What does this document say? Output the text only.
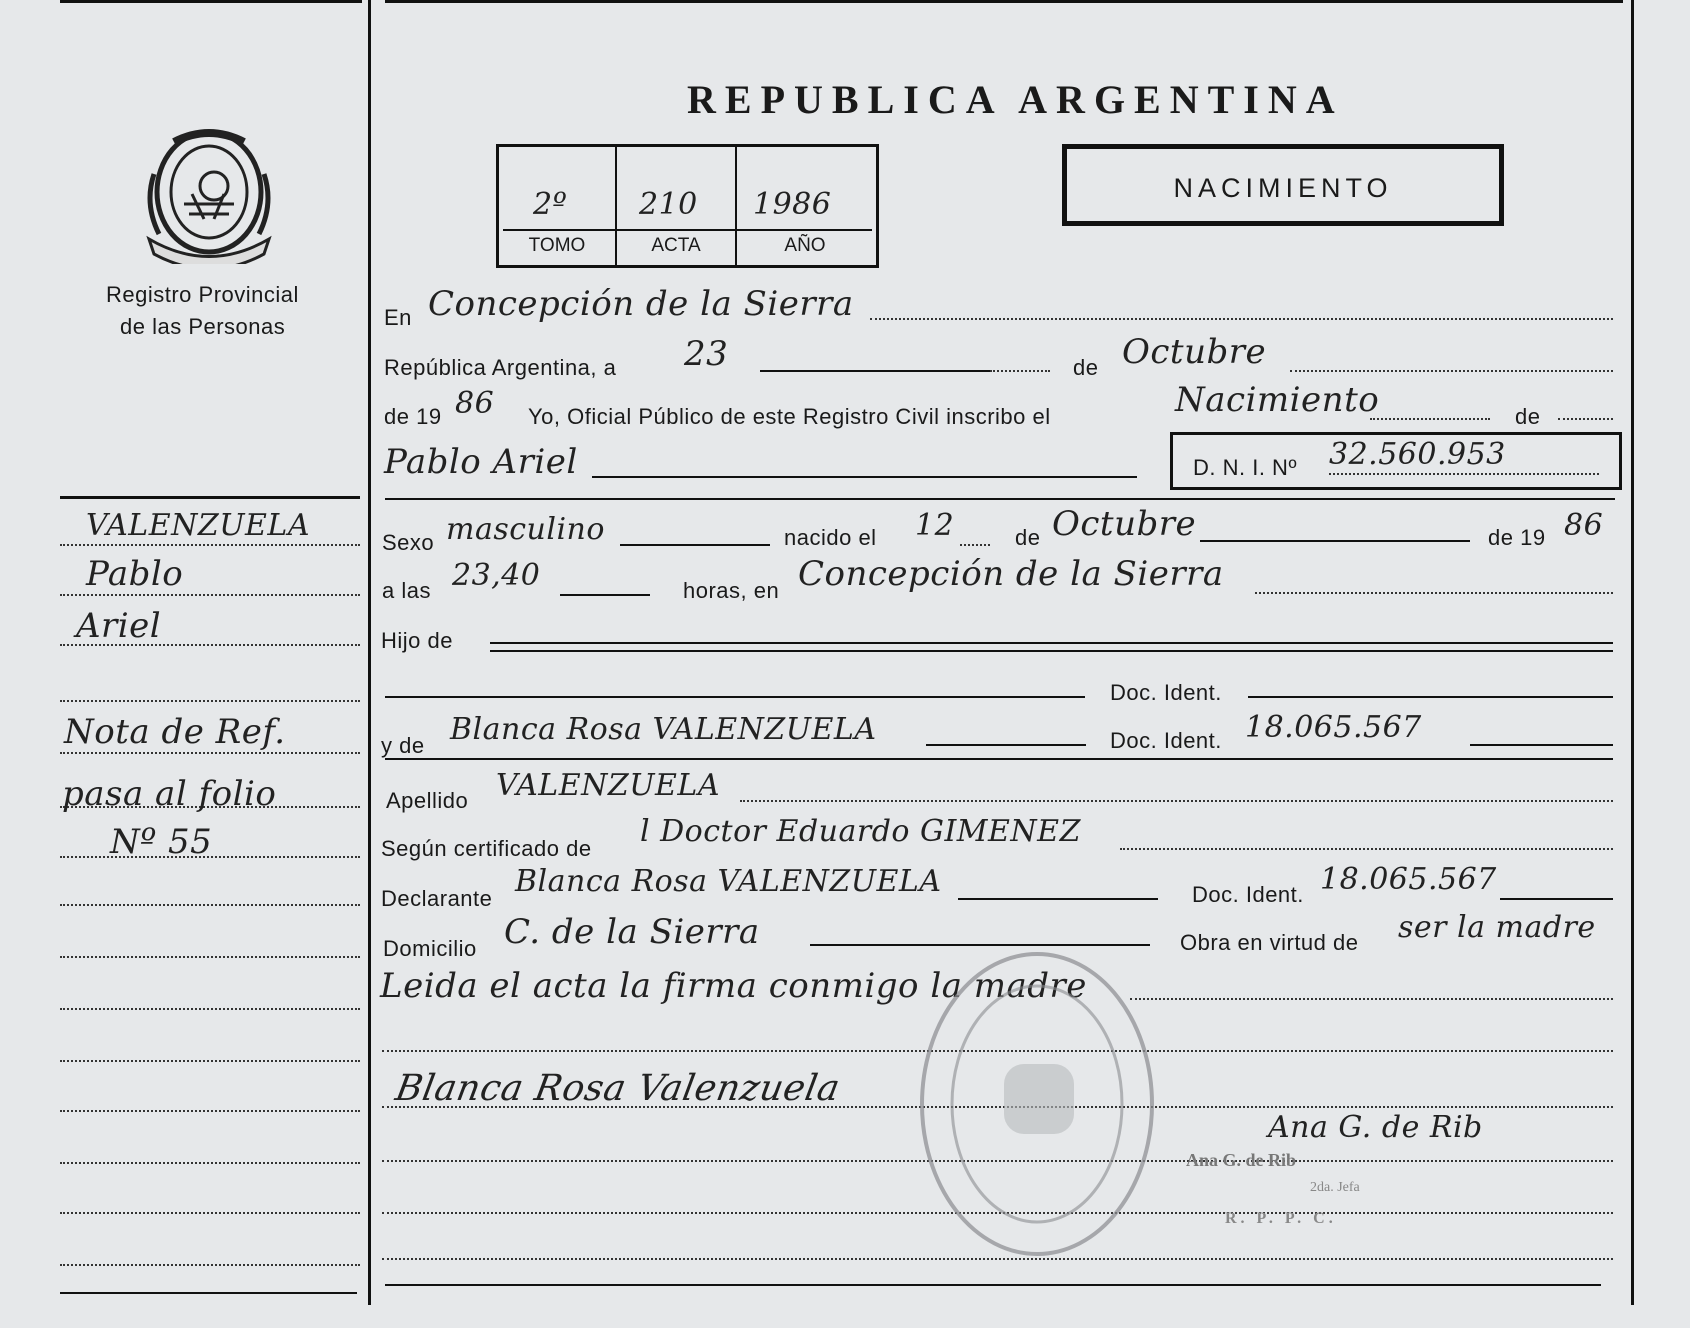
Registro Provincial
de las Personas
REPUBLICA ARGENTINA
2º 210 1986
TOMO	ACTA	AÑO
NACIMIENTO
En Concepción de la Sierra
República Argentina, a 23	de Octubre
de 19 86 Yo, Oficial Público de este Registro Civil inscribo el	Nacimiento	de
Pablo Ariel	D. N. I. Nº 32.560.953
VALENZUELA
Pablo
Ariel
Nota de Ref.
pasa al folio
Nº 55
Sexo masculino	nacido el 12	de Octubre	de 19 86
a las 23,40	horas, en Concepción de la Sierra
Hijo de
Doc. Ident.
y de Blanca Rosa VALENZUELA	Doc. Ident. 18.065.567
Apellido VALENZUELA
Según certificado de l Doctor Eduardo GIMENEZ
Declarante Blanca Rosa VALENZUELA	Doc. Ident. 18.065.567
Domicilio C. de la Sierra	Obra en virtud de ser la madre
Leida el acta la firma conmigo la madre
Blanca Rosa Valenzuela
Ana G. de Rib
Ana G. de Rib
2da. Jefa
R. P. P. C.
